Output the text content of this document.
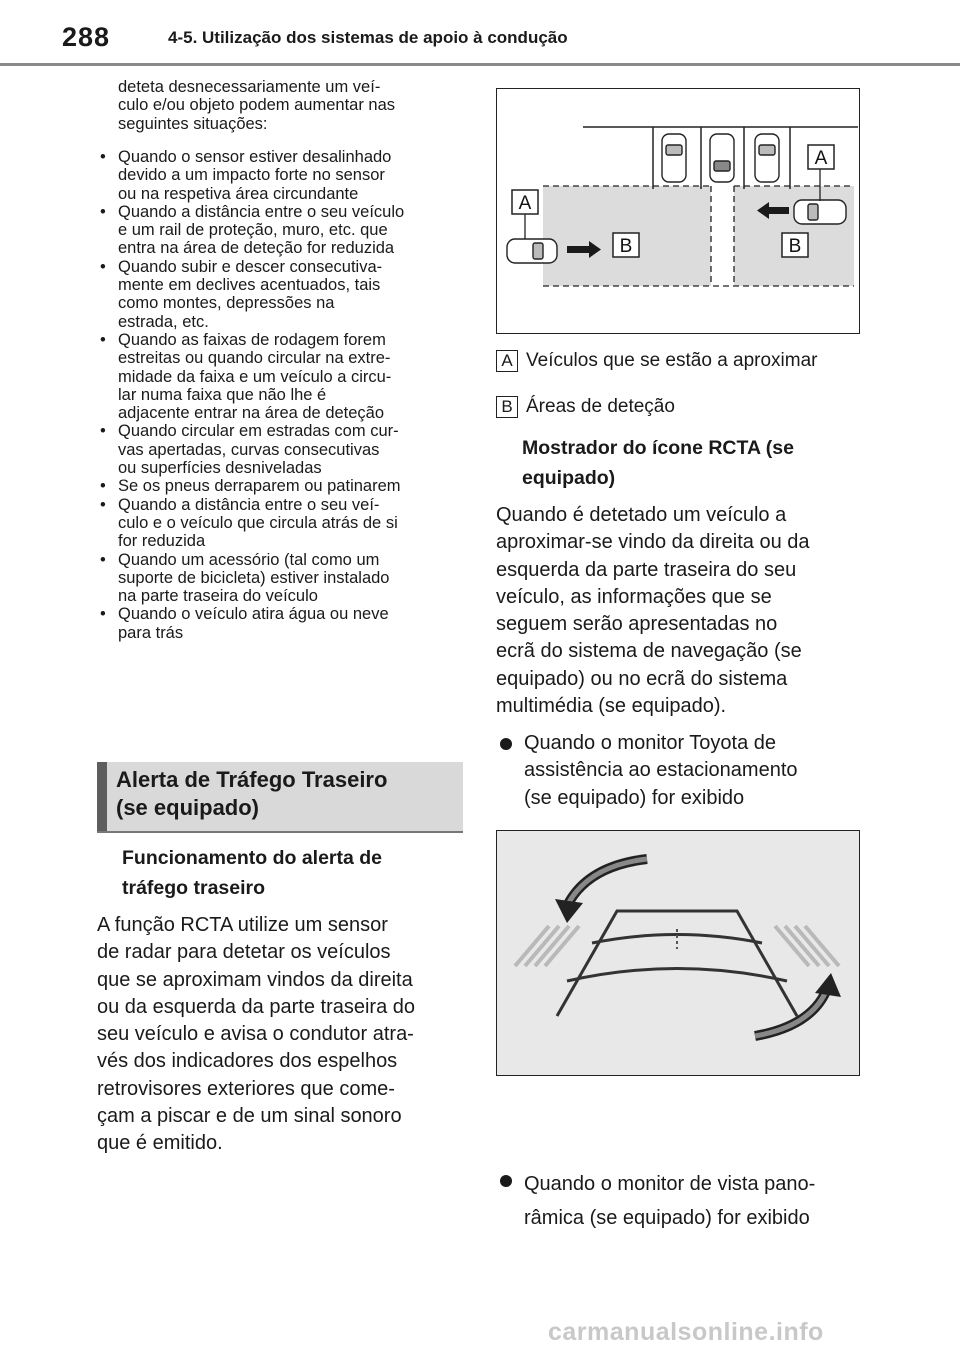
288	4-5. Utilização dos sistemas de apoio à condução
deteta desnecessariamente um veí-
culo e/ou objeto podem aumentar nas
seguintes situações:
• Quando o sensor estiver desalinhado
devido a um impacto forte no sensor
ou na respetiva área circundante
• Quando a distância entre o seu veículo
e um rail de proteção, muro, etc. que
entra na área de deteção for reduzida
• Quando subir e descer consecutiva-
mente em declives acentuados, tais
como montes, depressões na
estrada, etc.
• Quando as faixas de rodagem forem
estreitas ou quando circular na extre-
midade da faixa e um veículo a circu-
lar numa faixa que não lhe é
adjacente entrar na área de deteção
• Quando circular em estradas com cur-
vas apertadas, curvas consecutivas
ou superfícies desniveladas
• Se os pneus derraparem ou patinarem
• Quando a distância entre o seu veí-
culo e o veículo que circula atrás de si
for reduzida
• Quando um acessório (tal como um
suporte de bicicleta) estiver instalado
na parte traseira do veículo
• Quando o veículo atira água ou neve
para trás
Alerta de Tráfego Traseiro
(se equipado)
Funcionamento do alerta de
tráfego traseiro
A função RCTA utilize um sensor
de radar para detetar os veículos
que se aproximam vindos da direita
ou da esquerda da parte traseira do
seu veículo e avisa o condutor atra-
vés dos indicadores dos espelhos
retrovisores exteriores que come-
çam a piscar e de um sinal sonoro
que é emitido.
A
A
B	B
A Veículos que se estão a aproximar
B Áreas de deteção
Mostrador do ícone RCTA (se
equipado)
Quando é detetado um veículo a
aproximar-se vindo da direita ou da
esquerda da parte traseira do seu
veículo, as informações que se
seguem serão apresentadas no
ecrã do sistema de navegação (se
equipado) ou no ecrã do sistema
multimédia (se equipado).
Quando o monitor Toyota de
assistência ao estacionamento
(se equipado) for exibido
Quando o monitor de vista pano-
râmica (se equipado) for exibido
carmanualsonline.info
